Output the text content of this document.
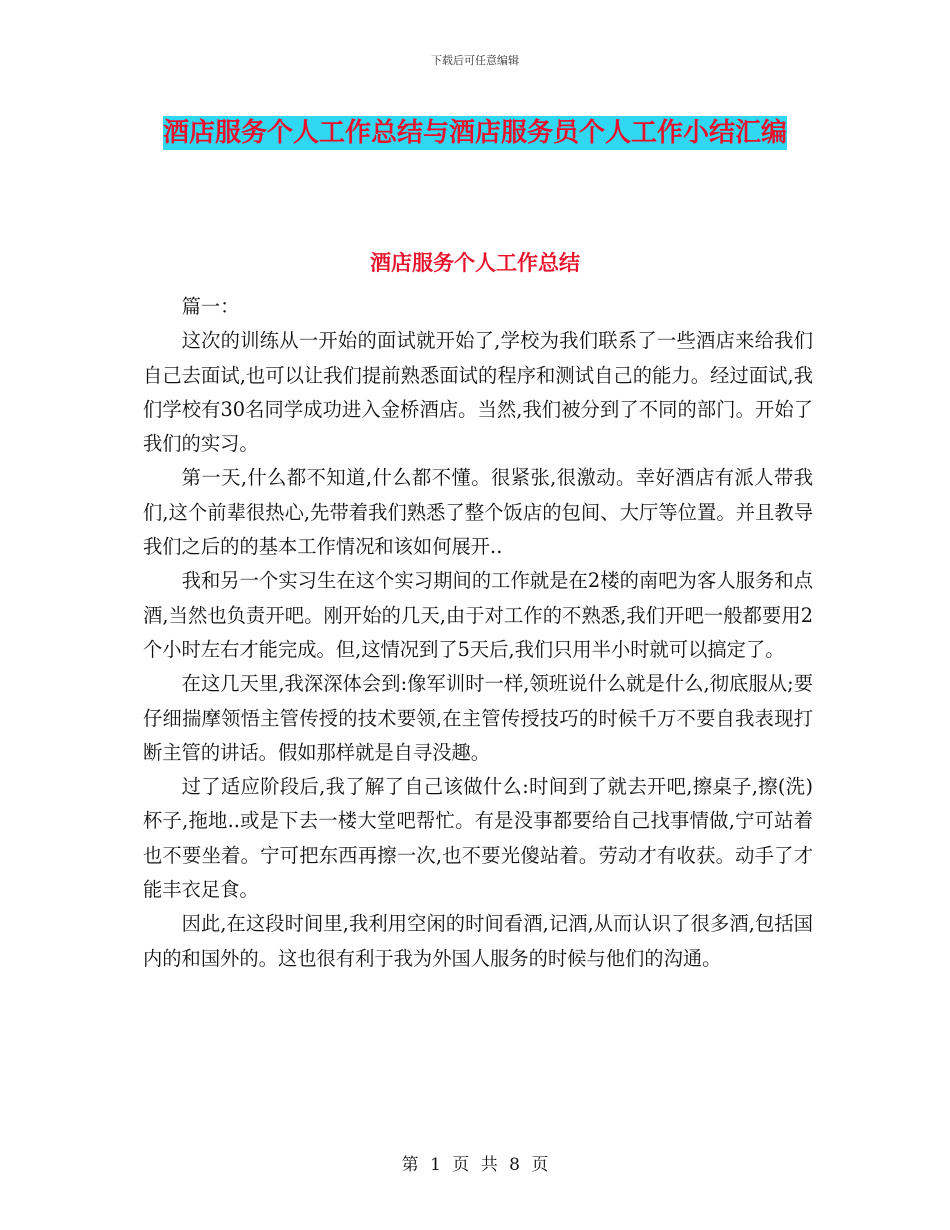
下载后可任意编辑
酒店服务个人工作总结与酒店服务员个人工作小结汇编
酒店服务个人工作总结

篇一：

这次的训练从一开始的面试就开始了,学校为我们联系了一些酒店来给我们自己去面试,也可以让我们提前熟悉面试的程序和测试自己的能力。经过面试,我们学校有30名同学成功进入金桥酒店。当然,我们被分到了不同的部门。开始了我们的实习。

第一天,什么都不知道,什么都不懂。很紧张,很激动。幸好酒店有派人带我们,这个前辈很热心,先带着我们熟悉了整个饭店的包间、大厅等位置。并且教导我们之后的的基本工作情况和该如何展开..

我和另一个实习生在这个实习期间的工作就是在2楼的南吧为客人服务和点酒,当然也负责开吧。刚开始的几天,由于对工作的不熟悉,我们开吧一般都要用2个小时左右才能完成。但,这情况到了5天后,我们只用半小时就可以搞定了。

在这几天里,我深深体会到:像军训时一样,领班说什么就是什么,彻底服从;要仔细揣摩领悟主管传授的技术要领,在主管传授技巧的时候千万不要自我表现打断主管的讲话。假如那样就是自寻没趣。

过了适应阶段后,我了解了自己该做什么:时间到了就去开吧,擦桌子,擦(洗)杯子,拖地..或是下去一楼大堂吧帮忙。有是没事都要给自己找事情做,宁可站着也不要坐着。宁可把东西再擦一次,也不要光傻站着。劳动才有收获。动手了才能丰衣足食。

因此,在这段时间里,我利用空闲的时间看酒,记酒,从而认识了很多酒,包括国内的和国外的。这也很有利于我为外国人服务的时候与他们的沟通。

第 1 页 共 8 页
